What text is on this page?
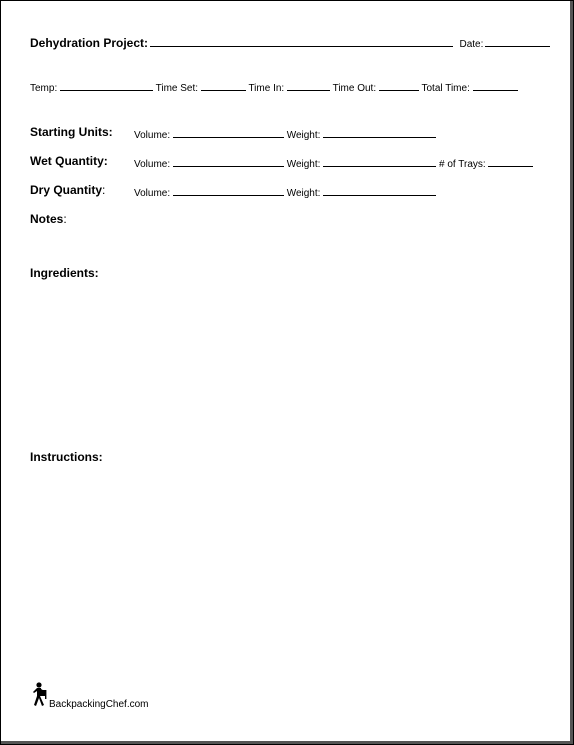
Dehydration Project:	Date:
Temp:	Time Set:	Time In:	Time Out:	Total Time:
Starting Units: Volume:	Weight:
Wet Quantity:	Volume:	Weight:	# of Trays:
Dry Quantity:	Volume:	Weight:
Notes:
Ingredients:
Instructions:
BackpackingChef.com
